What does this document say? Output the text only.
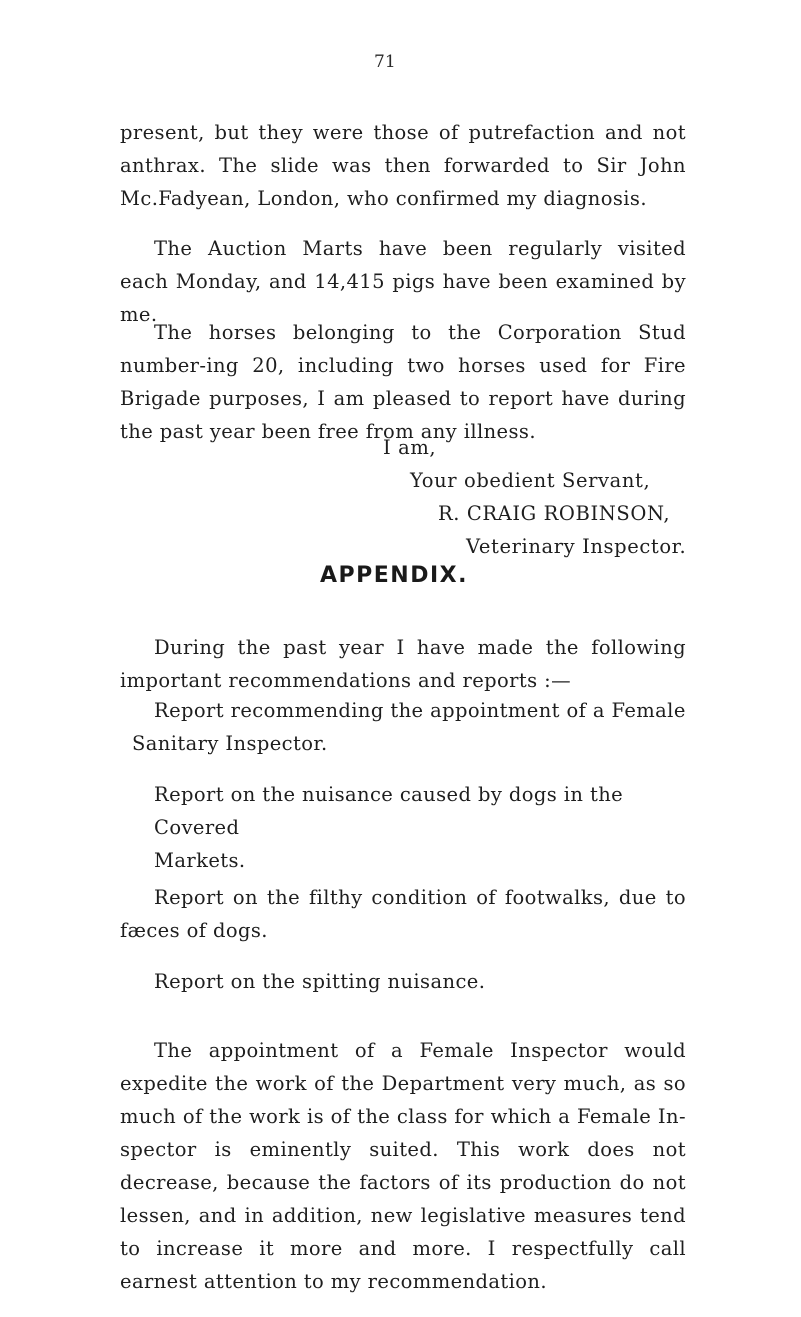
71

present, but they were those of putrefaction and not anthrax. The slide was then forwarded to Sir John Mc.Fadyean, London, who confirmed my diagnosis.

The Auction Marts have been regularly visited each Monday, and 14,415 pigs have been examined by me.

The horses belonging to the Corporation Stud number-ing 20, including two horses used for Fire Brigade purposes, I am pleased to report have during the past year been free from any illness.

I am,
Your obedient Servant,
R. CRAIG ROBINSON,
Veterinary Inspector.
APPENDIX.

During the past year I have made the following important recommendations and reports :—

Report recommending the appointment of a Female
Sanitary Inspector.
Report on the nuisance caused by dogs in the Covered
Markets.

Report on the filthy condition of footwalks, due to fæces of dogs.

Report on the spitting nuisance.

The appointment of a Female Inspector would expedite the work of the Department very much, as so much of the work is of the class for which a Female In-spector is eminently suited. This work does not decrease, because the factors of its production do not lessen, and in addition, new legislative measures tend to increase it more and more. I respectfully call earnest attention to my recommendation.
